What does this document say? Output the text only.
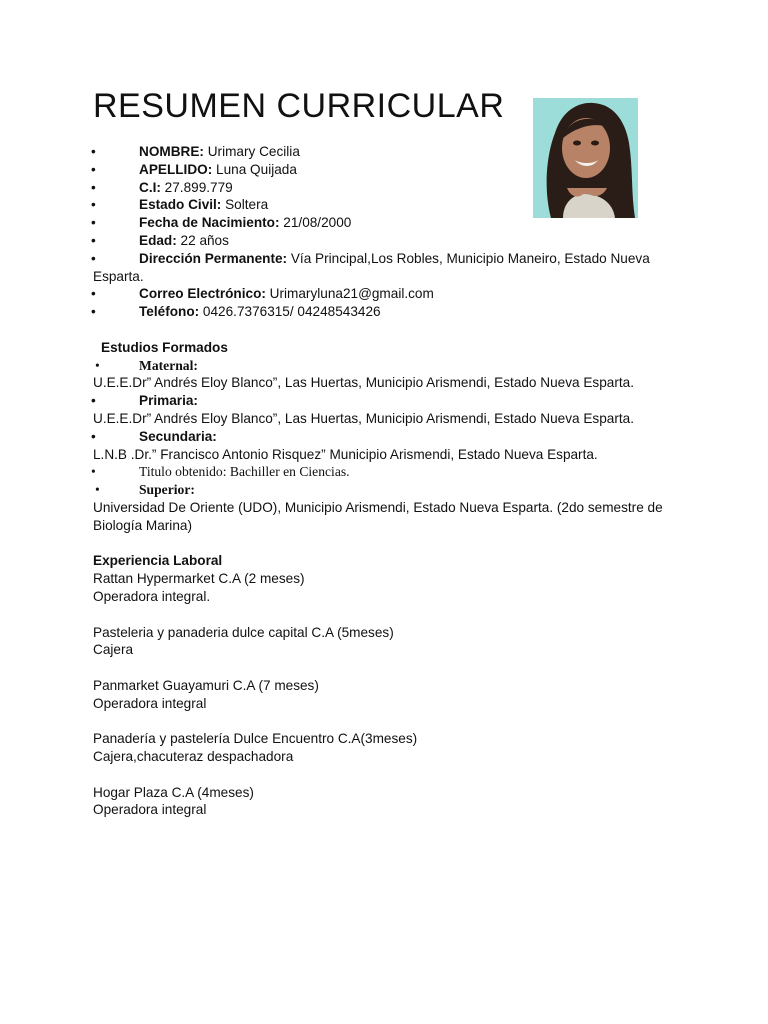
RESUMEN CURRICULAR
•	NOMBRE: Urimary Cecilia
•	APELLIDO: Luna Quijada
•	C.I: 27.899.779
•	Estado Civil: Soltera
•	Fecha de Nacimiento: 21/08/2000
•	Edad: 22 años
•	Dirección Permanente: Vía Principal,Los Robles, Municipio Maneiro, Estado Nueva Esparta.
•	Correo Electrónico: Urimaryluna21@gmail.com
•	Teléfono: 0426.7376315/ 04248543426
Estudios Formados
•	Maternal:
U.E.E.Dr” Andrés Eloy Blanco”, Las Huertas, Municipio Arismendi, Estado Nueva Esparta.
•	Primaria:
U.E.E.Dr” Andrés Eloy Blanco”, Las Huertas, Municipio Arismendi, Estado Nueva Esparta.
•	Secundaria:
L.N.B .Dr.” Francisco Antonio Risquez” Municipio Arismendi, Estado Nueva Esparta.
•	Titulo obtenido: Bachiller en Ciencias.
•	Superior:
Universidad De Oriente (UDO), Municipio Arismendi, Estado Nueva Esparta. (2do semestre de Biología Marina)
Experiencia Laboral
Rattan Hypermarket C.A (2 meses)
Operadora integral.
Pasteleria y panaderia dulce capital C.A (5meses)
Cajera
Panmarket Guayamuri C.A (7 meses)
Operadora integral
Panadería y pastelería Dulce Encuentro C.A(3meses)
Cajera,chacuteraz despachadora
Hogar Plaza C.A (4meses)
Operadora integral
